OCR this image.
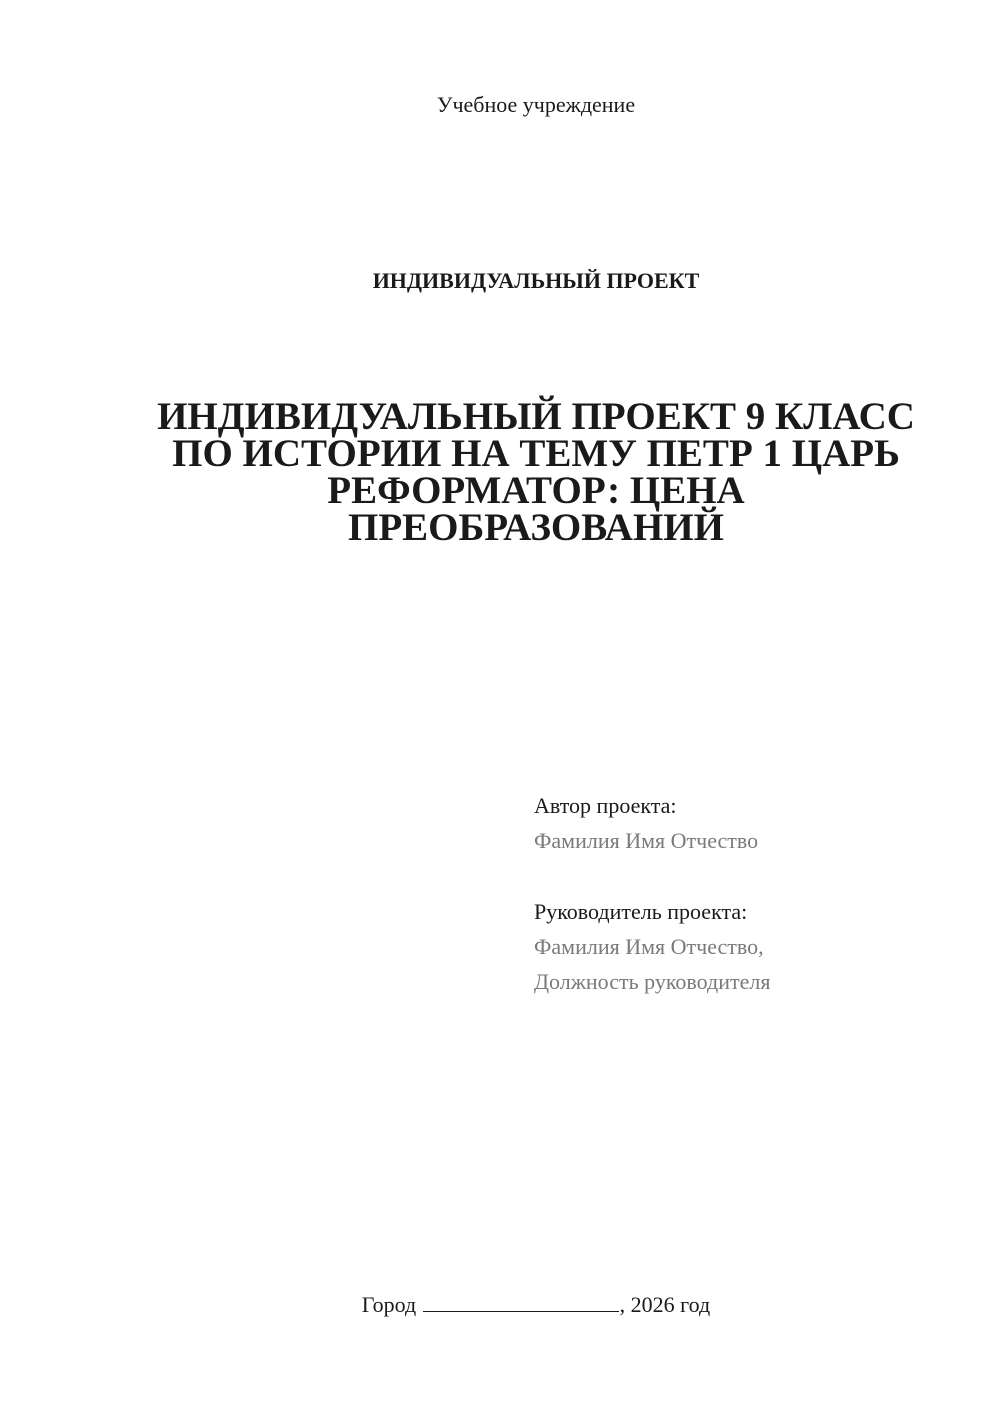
Учебное учреждение
ИНДИВИДУАЛЬНЫЙ ПРОЕКТ
ИНДИВИДУАЛЬНЫЙ ПРОЕКТ 9 КЛАСС
ПО ИСТОРИИ НА ТЕМУ ПЕТР 1 ЦАРЬ
РЕФОРМАТОР: ЦЕНА
ПРЕОБРАЗОВАНИЙ
Автор проекта:
Фамилия Имя Отчество
Руководитель проекта:
Фамилия Имя Отчество,
Должность руководителя
Город	, 2026 год
